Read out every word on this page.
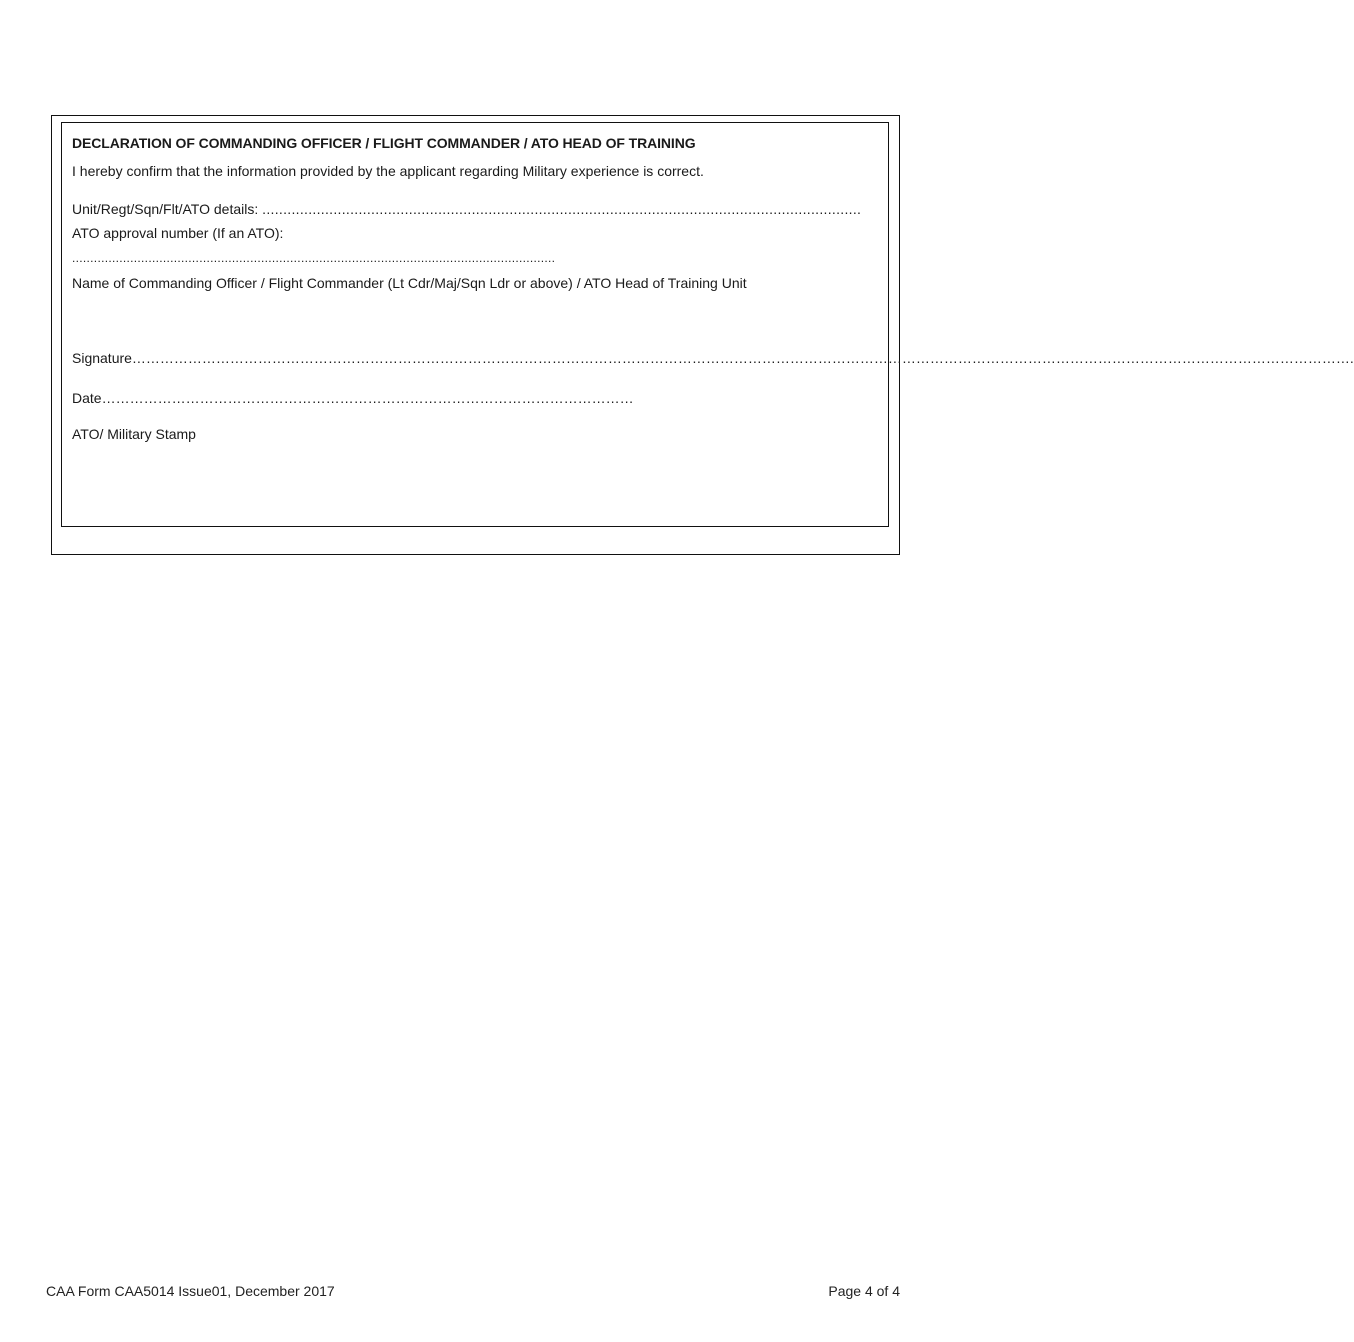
DECLARATION OF COMMANDING OFFICER / FLIGHT COMMANDER / ATO HEAD OF TRAINING
I hereby confirm that the information provided by the applicant regarding Military experience is correct.
Unit/Regt/Sqn/Flt/ATO details: ...............................................................................................................................................
ATO approval number (If an ATO):
.....................................................................................................................................
Name of Commanding Officer / Flight Commander (Lt Cdr/Maj/Sqn Ldr or above) / ATO Head of Training Unit
Signature……………………………………………………………………………………………………………………………………………………………………………………………………………………………………….
Date……………………………………………………………………………………………………
ATO/ Military Stamp
CAA Form CAA5014 Issue01, December 2017	Page 4 of 4
